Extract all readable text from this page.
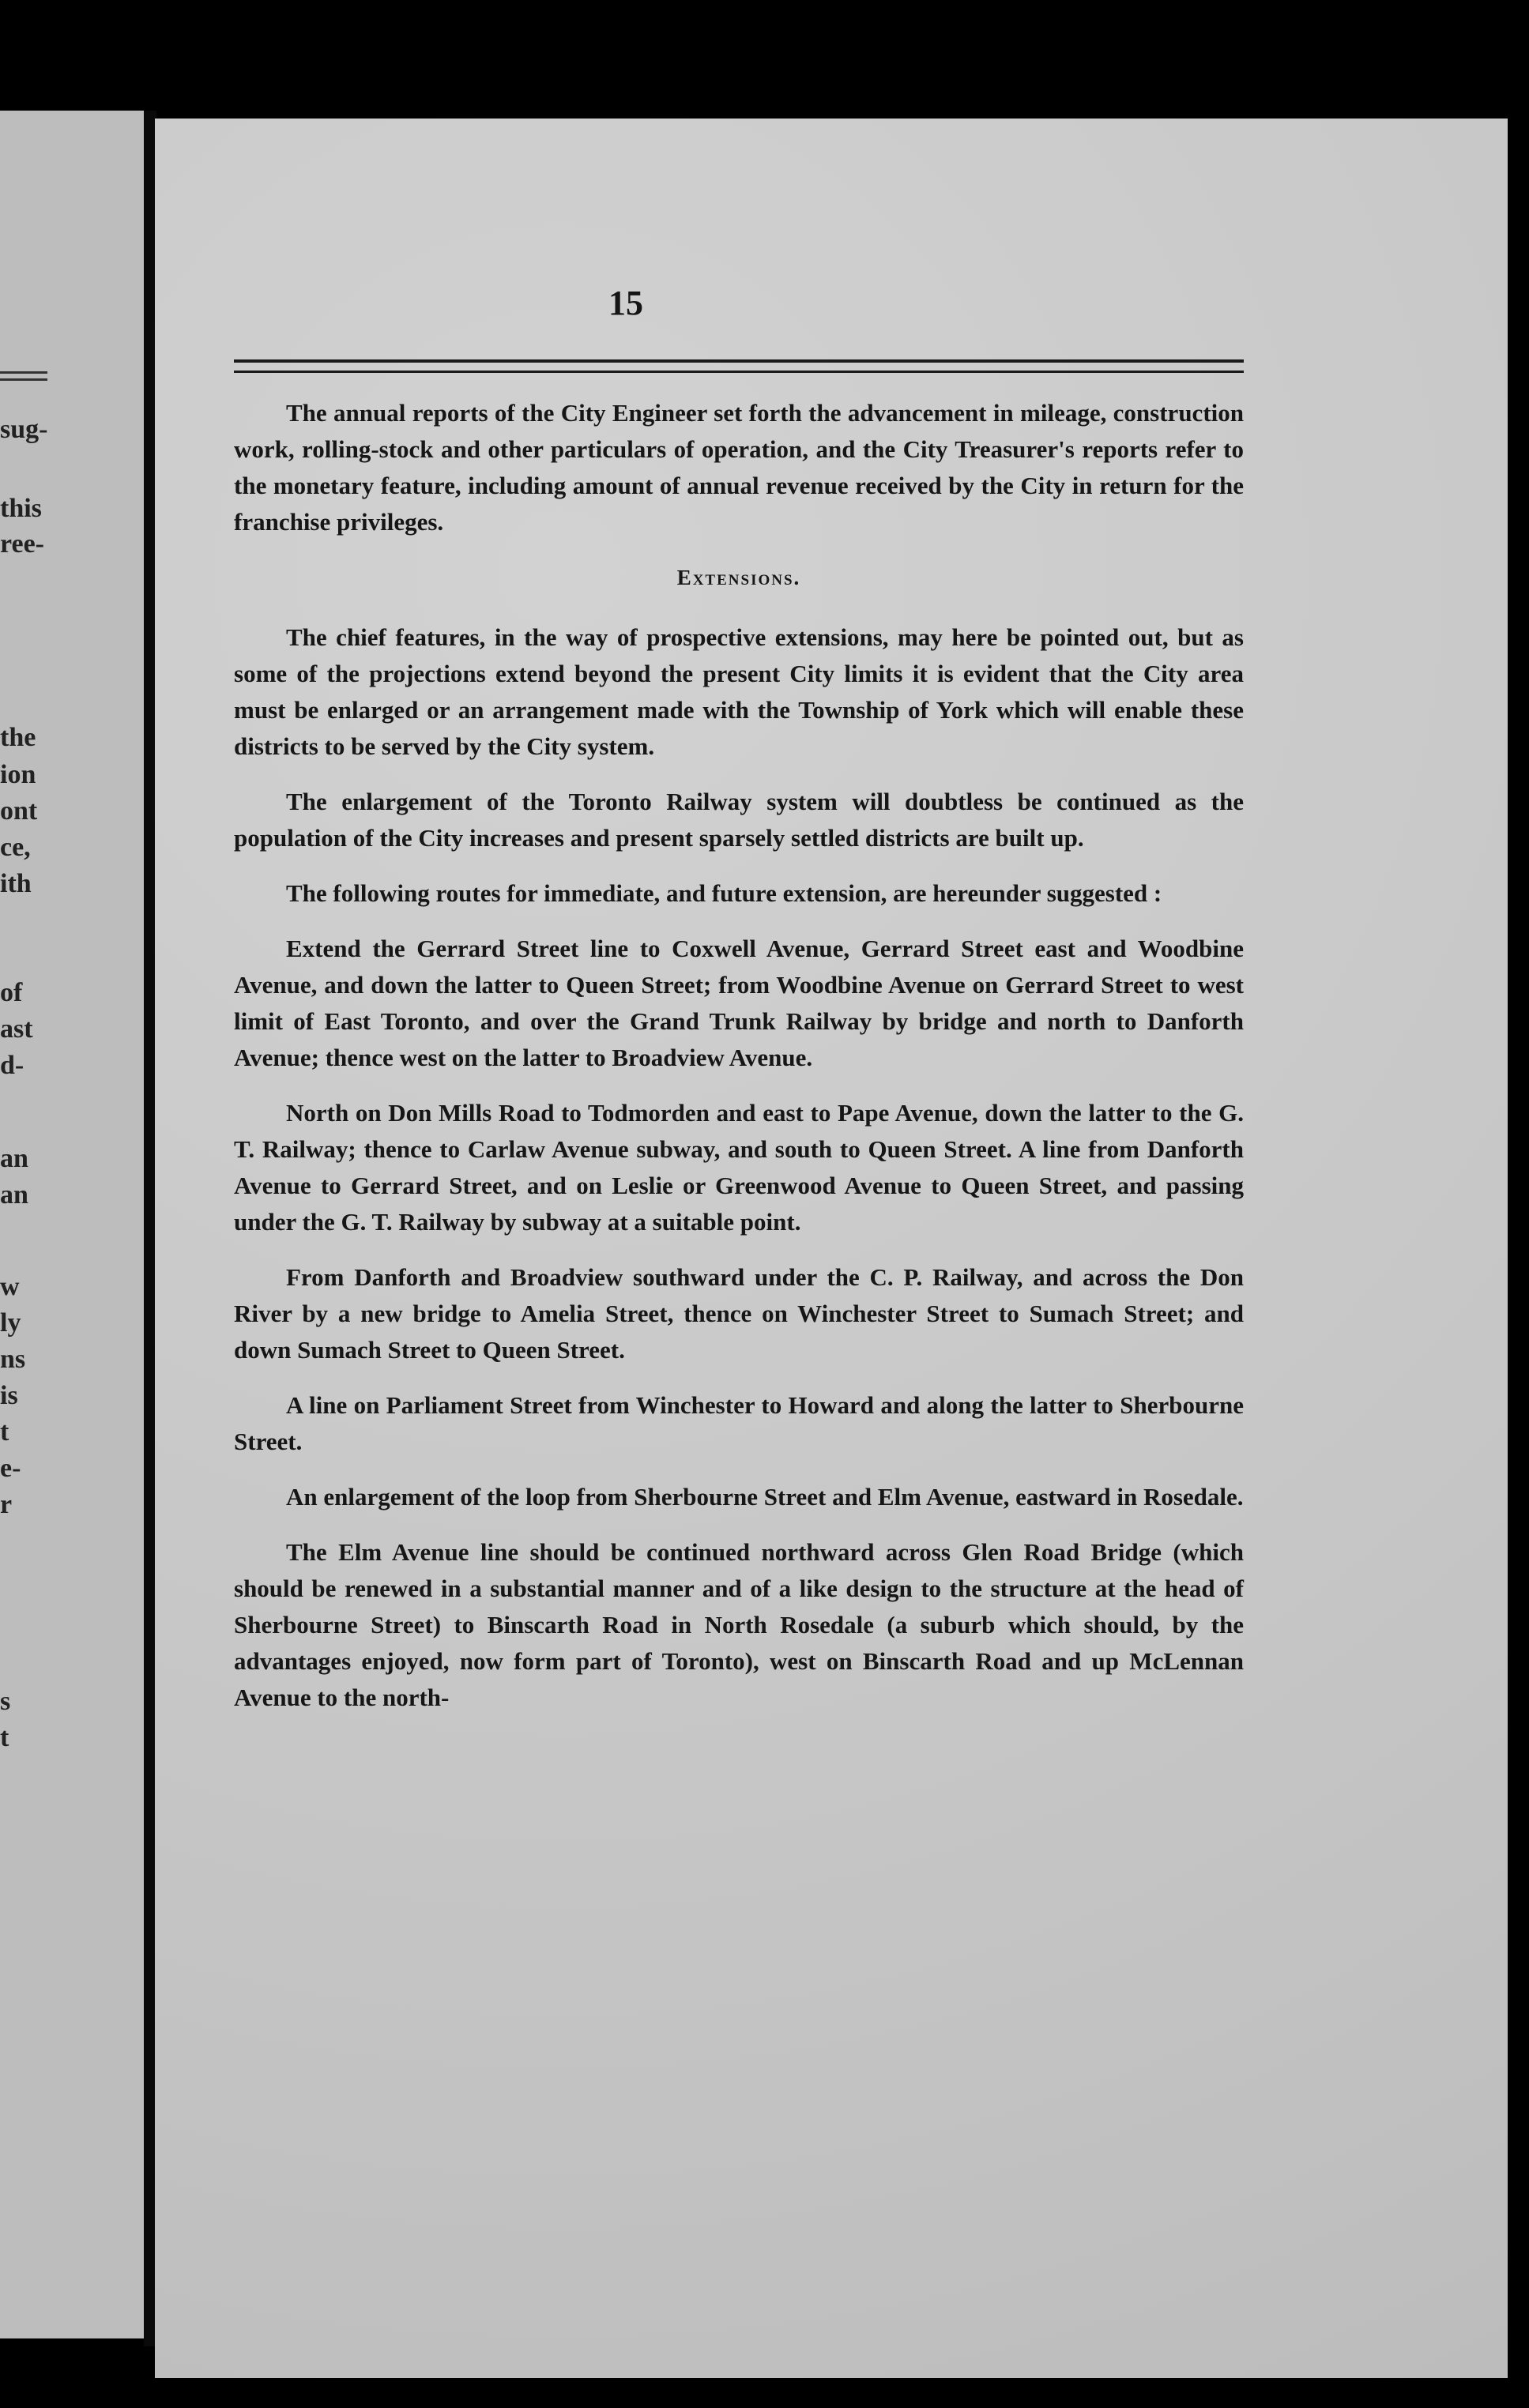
sug-
this
ree-
the
ion
ont
ce,
ith
of
ast
d-
an
an
w
ly
ns
is
t
e-
r
s
t
15

The annual reports of the City Engineer set forth the advancement in mileage, construction work, rolling-stock and other particulars of operation, and the City Treasurer's reports refer to the monetary feature, including amount of annual revenue received by the City in return for the franchise privileges.

Extensions.

The chief features, in the way of prospective extensions, may here be pointed out, but as some of the projections extend beyond the present City limits it is evident that the City area must be enlarged or an arrangement made with the Township of York which will enable these districts to be served by the City system.

The enlargement of the Toronto Railway system will doubtless be continued as the population of the City increases and present sparsely settled districts are built up.

The following routes for immediate, and future extension, are hereunder suggested :

Extend the Gerrard Street line to Coxwell Avenue, Gerrard Street east and Woodbine Avenue, and down the latter to Queen Street; from Woodbine Avenue on Gerrard Street to west limit of East Toronto, and over the Grand Trunk Railway by bridge and north to Danforth Avenue; thence west on the latter to Broadview Avenue.

North on Don Mills Road to Todmorden and east to Pape Avenue, down the latter to the G. T. Railway; thence to Carlaw Avenue subway, and south to Queen Street. A line from Danforth Avenue to Gerrard Street, and on Leslie or Greenwood Avenue to Queen Street, and passing under the G. T. Railway by subway at a suitable point.

From Danforth and Broadview southward under the C. P. Railway, and across the Don River by a new bridge to Amelia Street, thence on Winchester Street to Sumach Street; and down Sumach Street to Queen Street.

A line on Parliament Street from Winchester to Howard and along the latter to Sherbourne Street.

An enlargement of the loop from Sherbourne Street and Elm Avenue, eastward in Rosedale.

The Elm Avenue line should be continued northward across Glen Road Bridge (which should be renewed in a substantial manner and of a like design to the structure at the head of Sherbourne Street) to Binscarth Road in North Rosedale (a suburb which should, by the advantages enjoyed, now form part of Toronto), west on Binscarth Road and up McLennan Avenue to the north-
